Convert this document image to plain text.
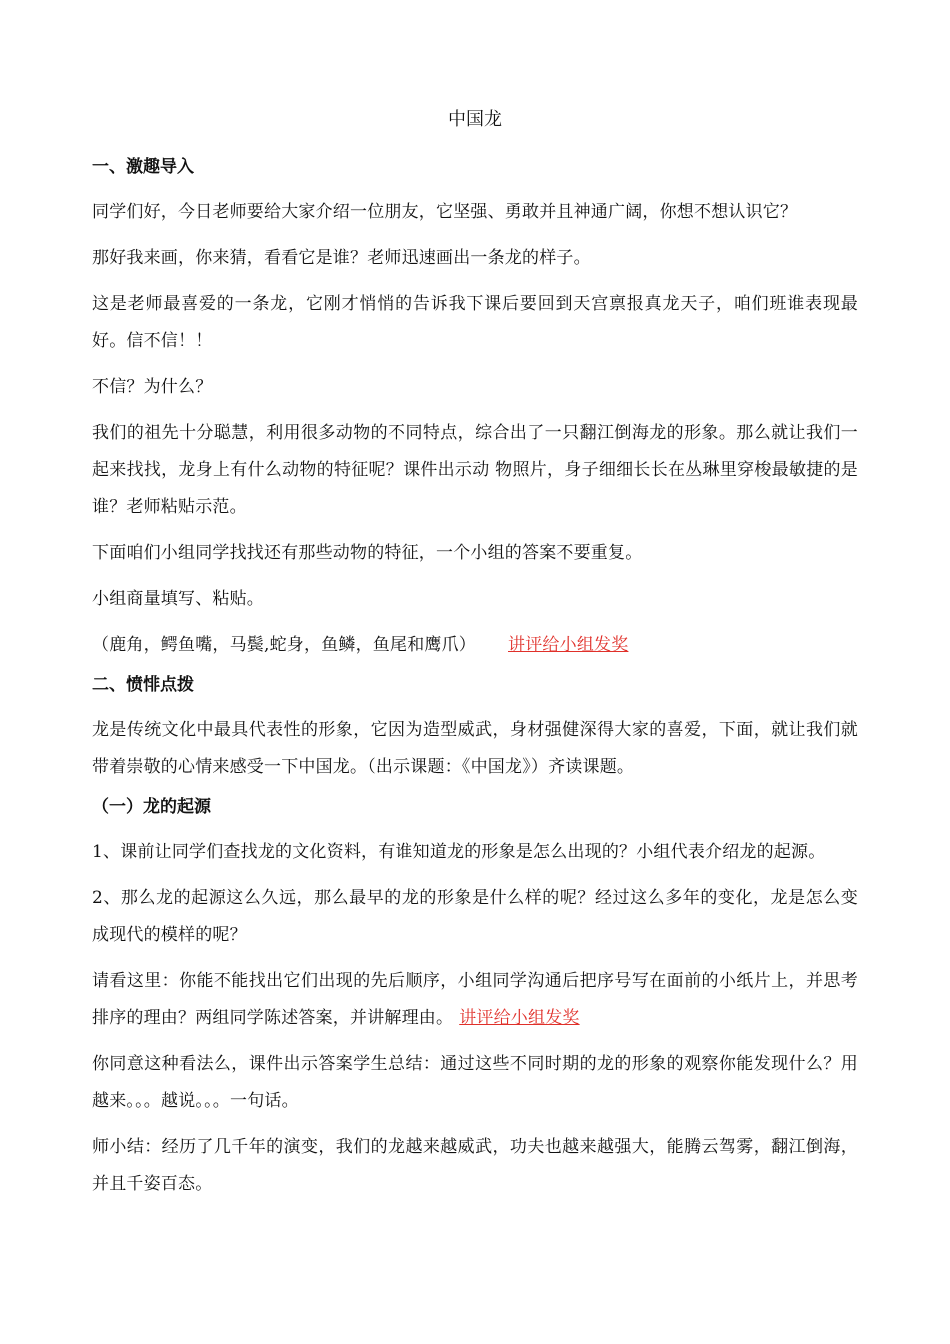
中国龙
一、激趣导入
同学们好，今日老师要给大家介绍一位朋友，它坚强、勇敢并且神通广阔，你想不想认识它？
那好我来画，你来猜，看看它是谁？老师迅速画出一条龙的样子。
这是老师最喜爱的一条龙，它刚才悄悄的告诉我下课后要回到天宫禀报真龙天子，咱们班谁表现最好。信不信！！
不信？为什么？
我们的祖先十分聪慧，利用很多动物的不同特点，综合出了一只翻江倒海龙的形象。那么就让我们一起来找找，龙身上有什么动物的特征呢？课件出示动 物照片，身子细细长长在丛琳里穿梭最敏捷的是谁？老师粘贴示范。
下面咱们小组同学找找还有那些动物的特征，一个小组的答案不要重复。
小组商量填写、粘贴。
（鹿角，鳄鱼嘴，马鬓,蛇身，鱼鳞，鱼尾和鹰爪） 讲评给小组发奖
二、愤悱点拨
龙是传统文化中最具代表性的形象，它因为造型威武，身材强健深得大家的喜爱，下面，就让我们就带着崇敬的心情来感受一下中国龙。（出示课题：《中国龙》）齐读课题。
（一）龙的起源
1、课前让同学们查找龙的文化资料，有谁知道龙的形象是怎么出现的？小组代表介绍龙的起源。
2、那么龙的起源这么久远，那么最早的龙的形象是什么样的呢？经过这么多年的变化，龙是怎么变成现代的模样的呢？
请看这里：你能不能找出它们出现的先后顺序，小组同学沟通后把序号写在面前的小纸片上，并思考排序的理由？两组同学陈述答案，并讲解理由。 讲评给小组发奖
你同意这种看法么，课件出示答案学生总结：通过这些不同时期的龙的形象的观察你能发现什么？用越来。。。越说。。。一句话。
师小结：经历了几千年的演变，我们的龙越来越威武，功夫也越来越强大，能腾云驾雾，翻江倒海，并且千姿百态。
